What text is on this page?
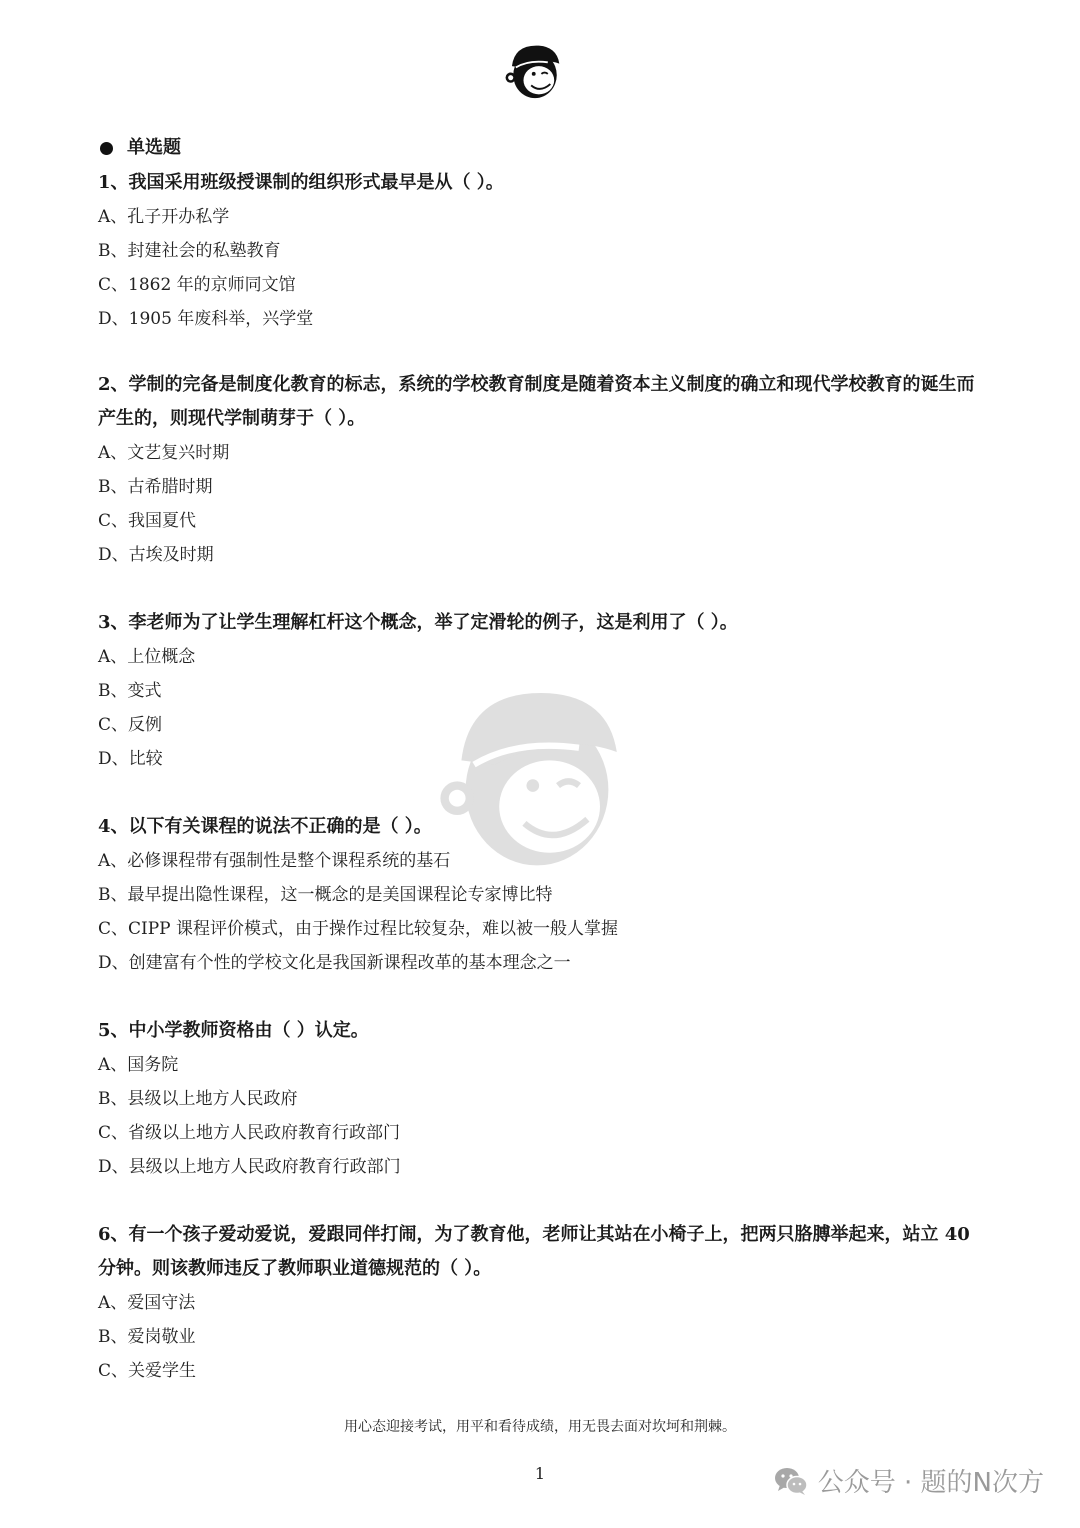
单选题

1、我国采用班级授课制的组织形式最早是从（ ）。

A、孔子开办私学

B、封建社会的私塾教育

C、1862 年的京师同文馆

D、1905 年废科举，兴学堂

2、学制的完备是制度化教育的标志，系统的学校教育制度是随着资本主义制度的确立和现代学校教育的诞生而产生的，则现代学制萌芽于（ ）。

A、文艺复兴时期

B、古希腊时期

C、我国夏代

D、古埃及时期

3、李老师为了让学生理解杠杆这个概念，举了定滑轮的例子，这是利用了（ ）。

A、上位概念

B、变式

C、反例

D、比较

4、以下有关课程的说法不正确的是（ ）。

A、必修课程带有强制性是整个课程系统的基石

B、最早提出隐性课程，这一概念的是美国课程论专家博比特

C、CIPP 课程评价模式，由于操作过程比较复杂，难以被一般人掌握

D、创建富有个性的学校文化是我国新课程改革的基本理念之一

5、中小学教师资格由（ ）认定。

A、国务院

B、县级以上地方人民政府

C、省级以上地方人民政府教育行政部门

D、县级以上地方人民政府教育行政部门

6、有一个孩子爱动爱说，爱跟同伴打闹，为了教育他，老师让其站在小椅子上，把两只胳膊举起来，站立 40 分钟。则该教师违反了教师职业道德规范的（ ）。

A、爱国守法

B、爱岗敬业

C、关爱学生

用心态迎接考试，用平和看待成绩，用无畏去面对坎坷和荆棘。
1	公众号 · 题的N次方
